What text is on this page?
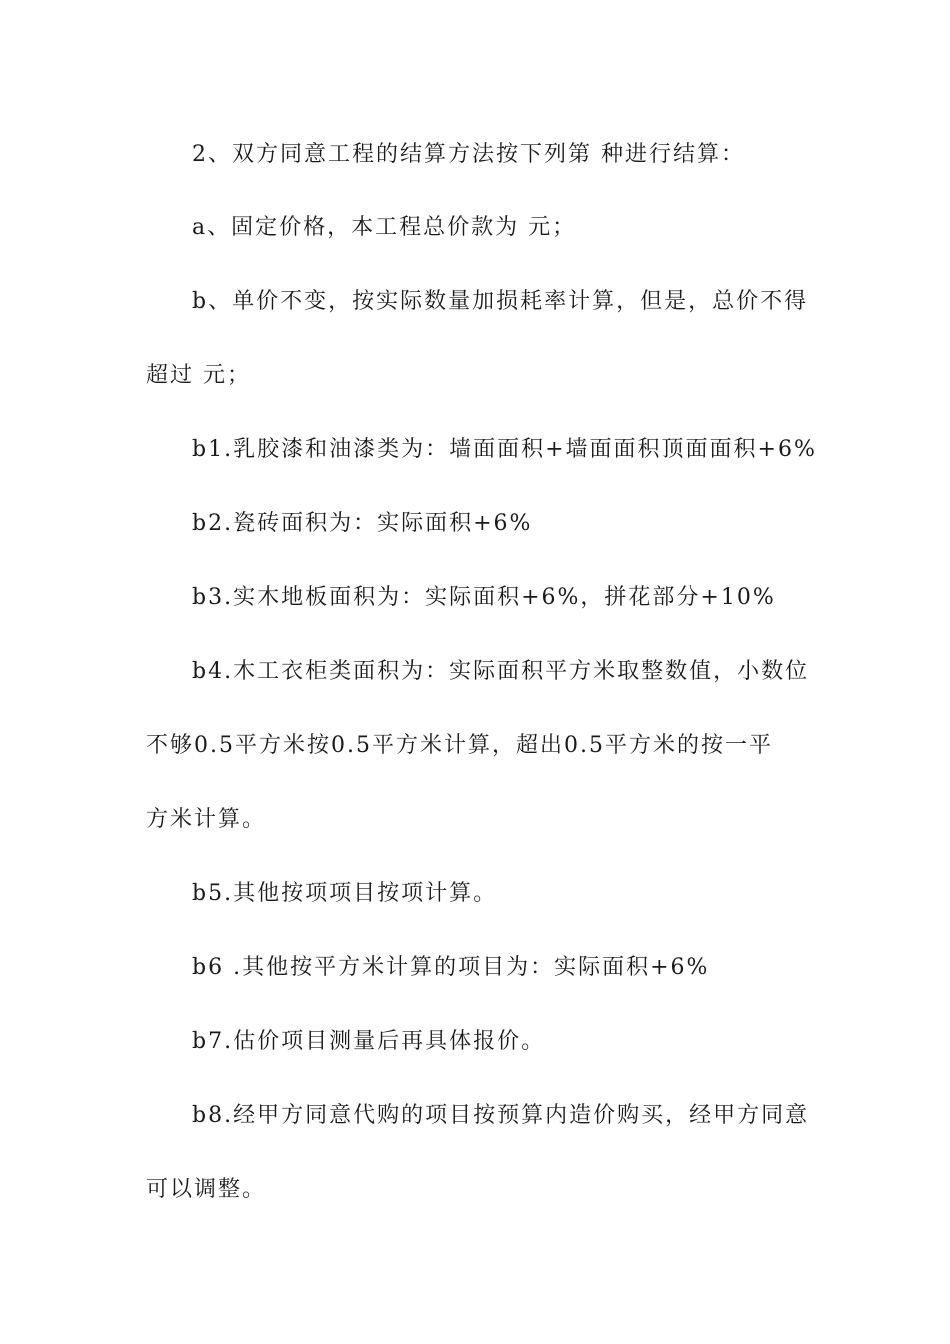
2、双方同意工程的结算方法按下列第 种进行结算：
a、固定价格，本工程总价款为 元；
b、单价不变，按实际数量加损耗率计算，但是，总价不得
超过 元；
b1.乳胶漆和油漆类为：墙面面积+墙面面积顶面面积+6%
b2.瓷砖面积为：实际面积+6%
b3.实木地板面积为：实际面积+6%，拼花部分+10%
b4.木工衣柜类面积为：实际面积平方米取整数值，小数位
不够0.5平方米按0.5平方米计算，超出0.5平方米的按一平
方米计算。
b5.其他按项项目按项计算。
b6 .其他按平方米计算的项目为：实际面积+6%
b7.估价项目测量后再具体报价。
b8.经甲方同意代购的项目按预算内造价购买，经甲方同意
可以调整。
